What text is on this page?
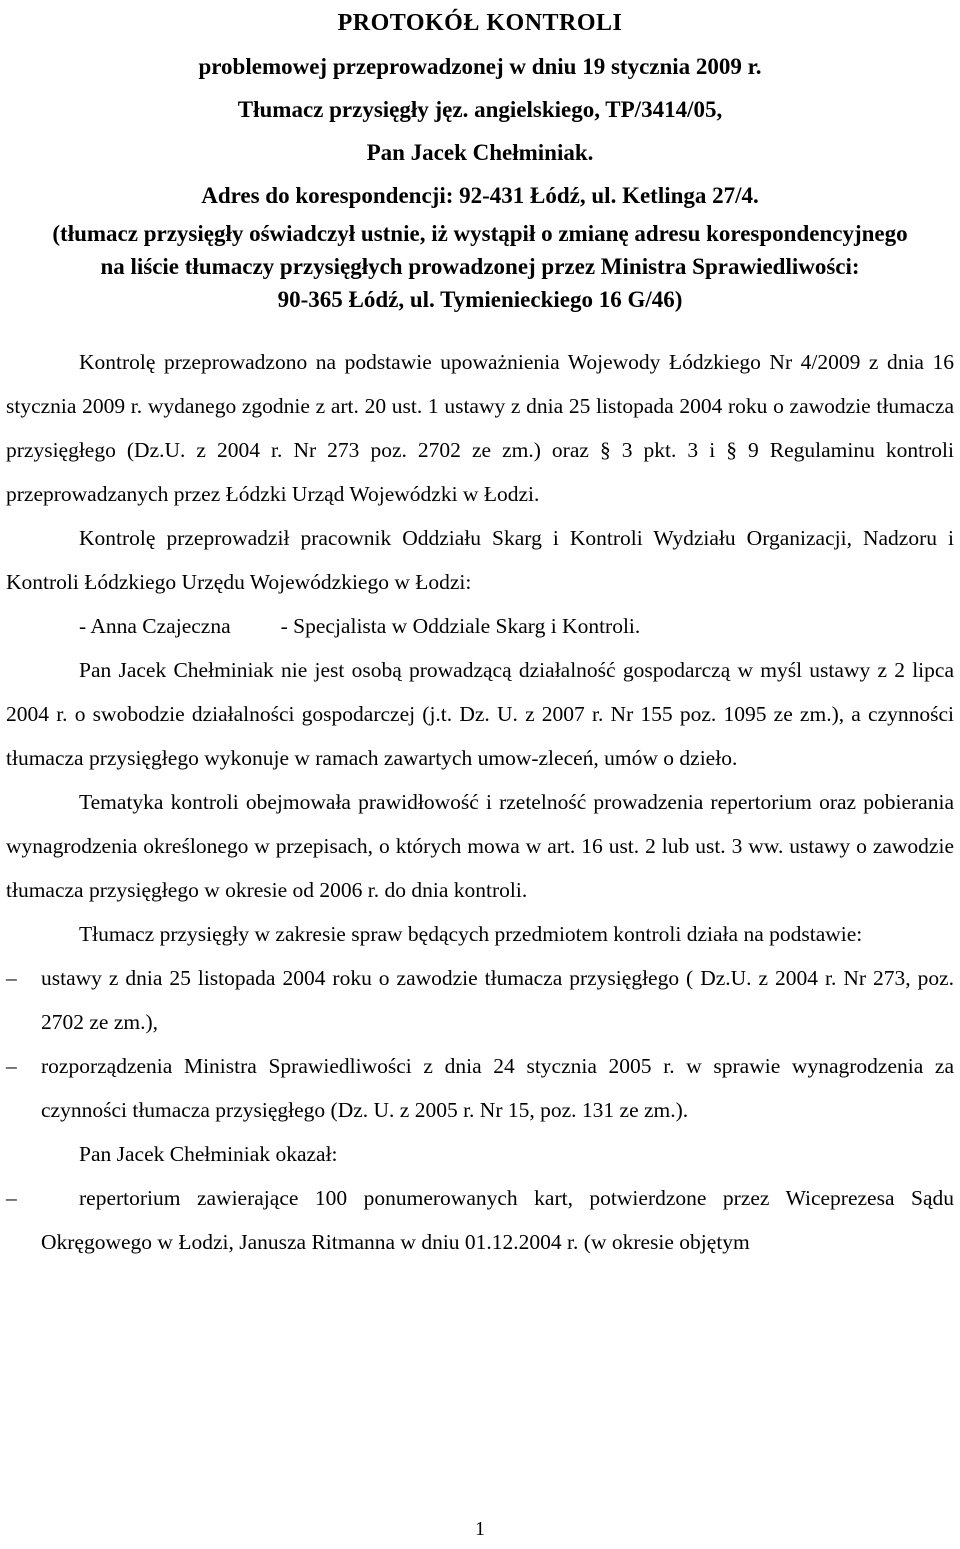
PROTOKÓŁ KONTROLI
problemowej przeprowadzonej w dniu 19 stycznia 2009 r.
Tłumacz przysięgły jęz. angielskiego, TP/3414/05,
Pan Jacek Chełminiak.
Adres do korespondencji: 92-431 Łódź, ul. Ketlinga 27/4.
(tłumacz przysięgły oświadczył ustnie, iż wystąpił o zmianę adresu korespondencyjnego
na liście tłumaczy przysięgłych prowadzonej przez Ministra Sprawiedliwości:
90-365 Łódź, ul. Tymienieckiego 16 G/46)

Kontrolę przeprowadzono na podstawie upoważnienia Wojewody Łódzkiego Nr 4/2009 z dnia 16 stycznia 2009 r. wydanego zgodnie z art. 20 ust. 1 ustawy z dnia 25 listopada 2004 roku o zawodzie tłumacza przysięgłego (Dz.U. z 2004 r. Nr 273 poz. 2702 ze zm.) oraz § 3 pkt. 3 i § 9 Regulaminu kontroli przeprowadzanych przez Łódzki Urząd Wojewódzki w Łodzi.

Kontrolę przeprowadził pracownik Oddziału Skarg i Kontroli Wydziału Organizacji, Nadzoru i Kontroli Łódzkiego Urzędu Wojewódzkiego w Łodzi:

- Anna Czajeczna - Specjalista w Oddziale Skarg i Kontroli.

Pan Jacek Chełminiak nie jest osobą prowadzącą działalność gospodarczą w myśl ustawy z 2 lipca 2004 r. o swobodzie działalności gospodarczej (j.t. Dz. U. z 2007 r. Nr 155 poz. 1095 ze zm.), a czynności tłumacza przysięgłego wykonuje w ramach zawartych umow-zleceń, umów o dzieło.

Tematyka kontroli obejmowała prawidłowość i rzetelność prowadzenia repertorium oraz pobierania wynagrodzenia określonego w przepisach, o których mowa w art. 16 ust. 2 lub ust. 3 ww. ustawy o zawodzie tłumacza przysięgłego w okresie od 2006 r. do dnia kontroli.

Tłumacz przysięgły w zakresie spraw będących przedmiotem kontroli działa na podstawie:

–	ustawy z dnia 25 listopada 2004 roku o zawodzie tłumacza przysięgłego ( Dz.U. z 2004 r. Nr 273, poz. 2702 ze zm.),
–	rozporządzenia Ministra Sprawiedliwości z dnia 24 stycznia 2005 r. w sprawie wynagrodzenia za czynności tłumacza przysięgłego (Dz. U. z 2005 r. Nr 15, poz. 131 ze zm.).

Pan Jacek Chełminiak okazał:

–	repertorium zawierające 100 ponumerowanych kart, potwierdzone przez Wiceprezesa Sądu Okręgowego w Łodzi, Janusza Ritmanna w dniu 01.12.2004 r. (w okresie objętym
1
